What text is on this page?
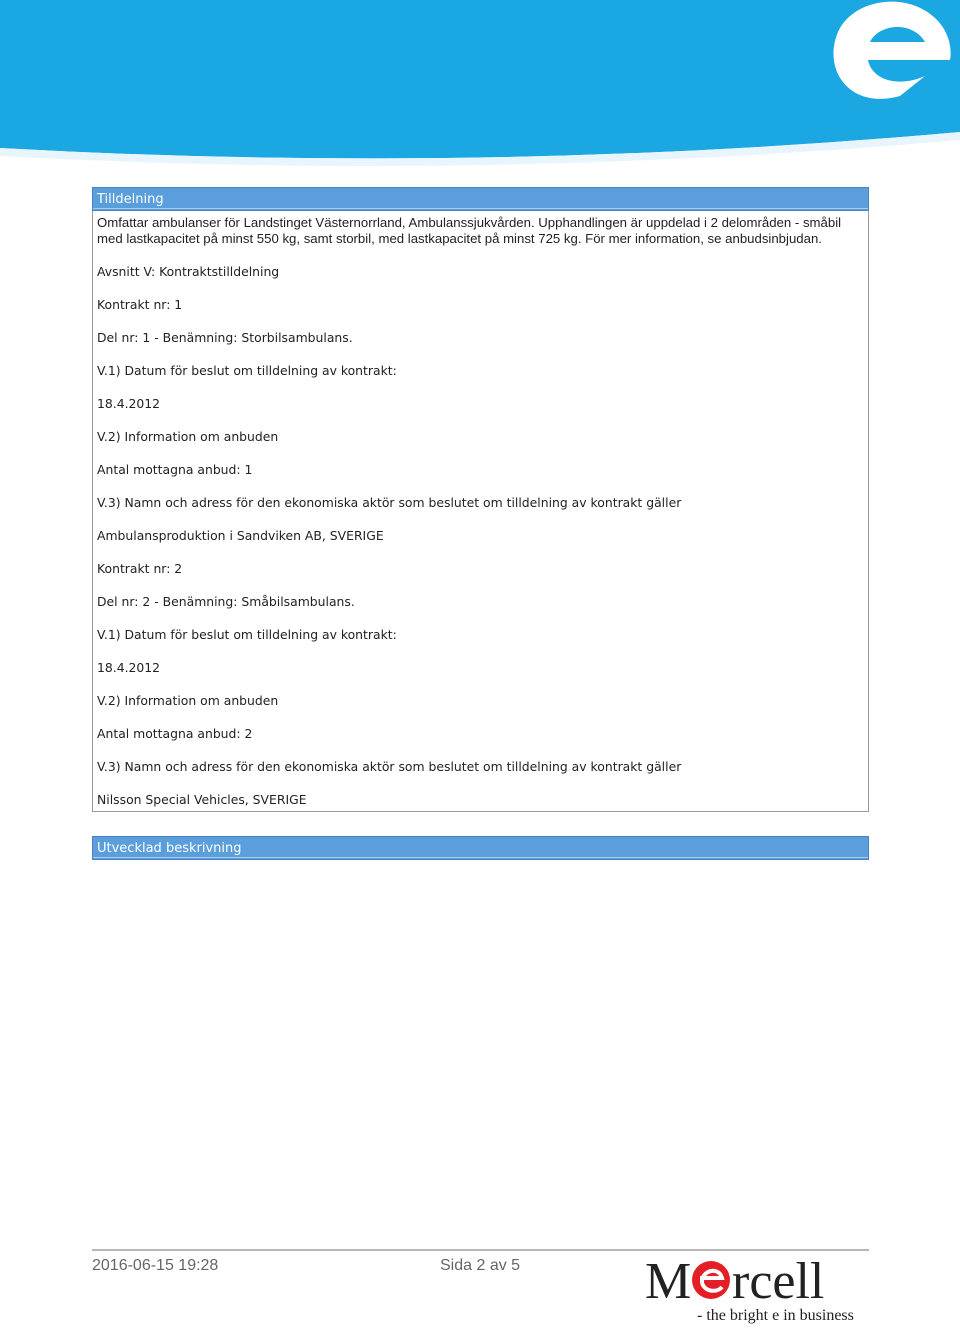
Tilldelning

Omfattar ambulanser för Landstinget Västernorrland, Ambulanssjukvården. Upphandlingen är uppdelad i 2 delområden - småbil med lastkapacitet på minst 550 kg, samt storbil, med lastkapacitet på minst 725 kg. För mer information, se anbudsinbjudan.

Avsnitt V: Kontraktstilldelning

Kontrakt nr: 1

Del nr: 1 - Benämning: Storbilsambulans.

V.1) Datum för beslut om tilldelning av kontrakt:

18.4.2012

V.2) Information om anbuden

Antal mottagna anbud: 1

V.3) Namn och adress för den ekonomiska aktör som beslutet om tilldelning av kontrakt gäller

Ambulansproduktion i Sandviken AB, SVERIGE

Kontrakt nr: 2

Del nr: 2 - Benämning: Småbilsambulans.

V.1) Datum för beslut om tilldelning av kontrakt:

18.4.2012

V.2) Information om anbuden

Antal mottagna anbud: 2

V.3) Namn och adress för den ekonomiska aktör som beslutet om tilldelning av kontrakt gäller

Nilsson Special Vehicles, SVERIGE

Utvecklad beskrivning
2016-06-15 19:28	Sida 2 av 5 M rcell
- the bright e in business
